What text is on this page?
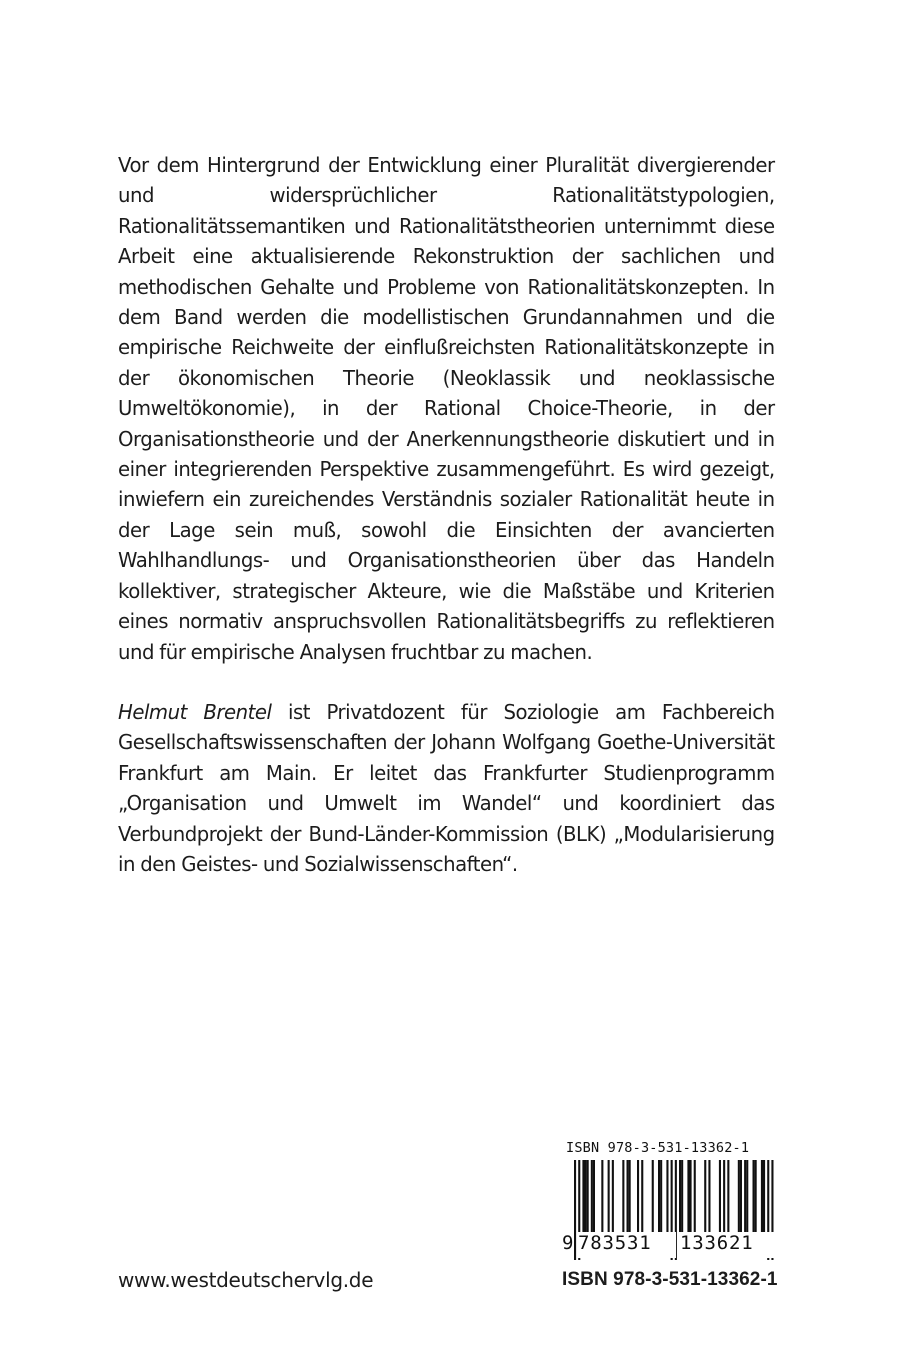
Vor dem Hintergrund der Entwicklung einer Pluralität divergierender und widersprüchlicher Rationalitätstypologien, Rationalitätssemantiken und Rationalitätstheorien unternimmt diese Arbeit eine aktualisierende Rekonstruktion der sachlichen und methodischen Gehalte und Probleme von Rationalitätskonzepten. In dem Band werden die modellistischen Grundannahmen und die empirische Reichweite der einflußreichsten Rationalitätskonzepte in der ökonomischen Theorie (Neoklassik und neoklassische Umweltökonomie), in der Rational Choice-Theorie, in der Organisationstheorie und der Anerkennungstheorie diskutiert und in einer integrierenden Perspektive zusammengeführt. Es wird gezeigt, inwiefern ein zureichendes Verständnis sozialer Rationalität heute in der Lage sein muß, sowohl die Einsichten der avancierten Wahlhandlungs- und Organisationstheorien über das Handeln kollektiver, strategischer Akteure, wie die Maßstäbe und Kriterien eines normativ anspruchsvollen Rationalitätsbegriffs zu reflektieren und für empirische Analysen fruchtbar zu machen.

Helmut Brentel ist Privatdozent für Soziologie am Fachbereich Gesellschaftswissenschaften der Johann Wolfgang Goethe-Universität Frankfurt am Main. Er leitet das Frankfurter Studienprogramm „Organisation und Umwelt im Wandel“ und koordiniert das Verbundprojekt der Bund-Länder-Kommission (BLK) „Modularisierung in den Geistes- und Sozialwissenschaften“.

ISBN 978-3-531-13362-1
9 783531	133621
www.westdeutschervlg.de	ISBN 978-3-531-13362-1
